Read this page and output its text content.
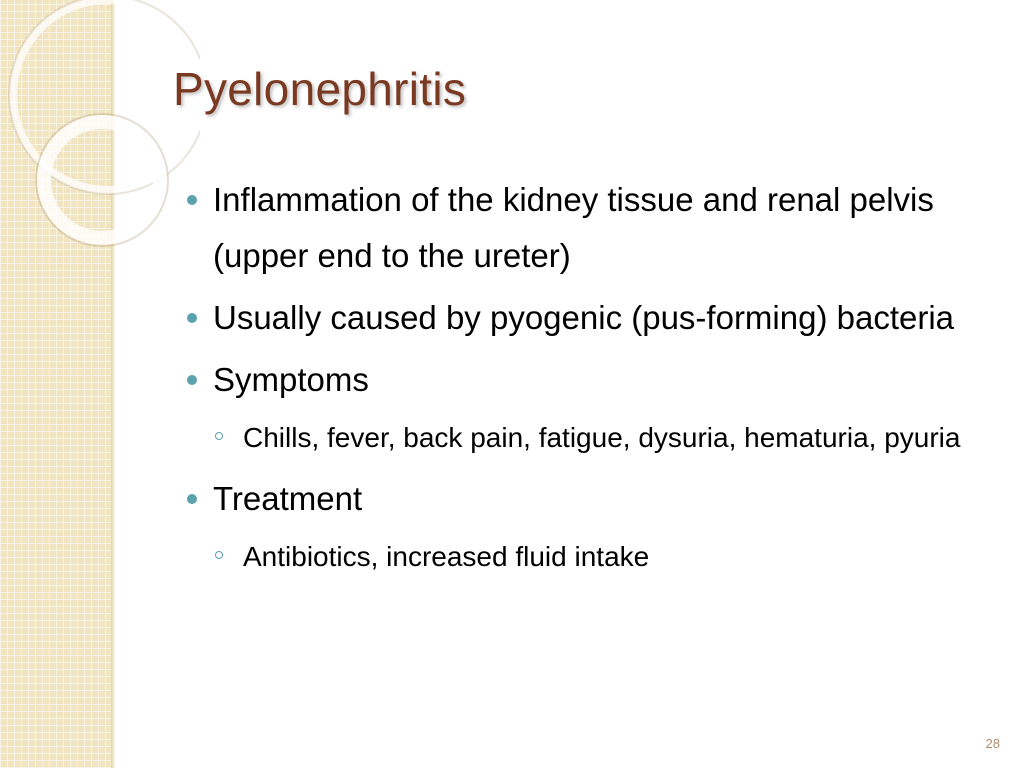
Pyelonephritis
Inflammation of the kidney tissue and renal pelvis (upper end to the ureter)
Usually caused by pyogenic (pus-forming) bacteria
Symptoms
Chills, fever, back pain, fatigue, dysuria, hematuria, pyuria
Treatment
Antibiotics, increased fluid intake
28
